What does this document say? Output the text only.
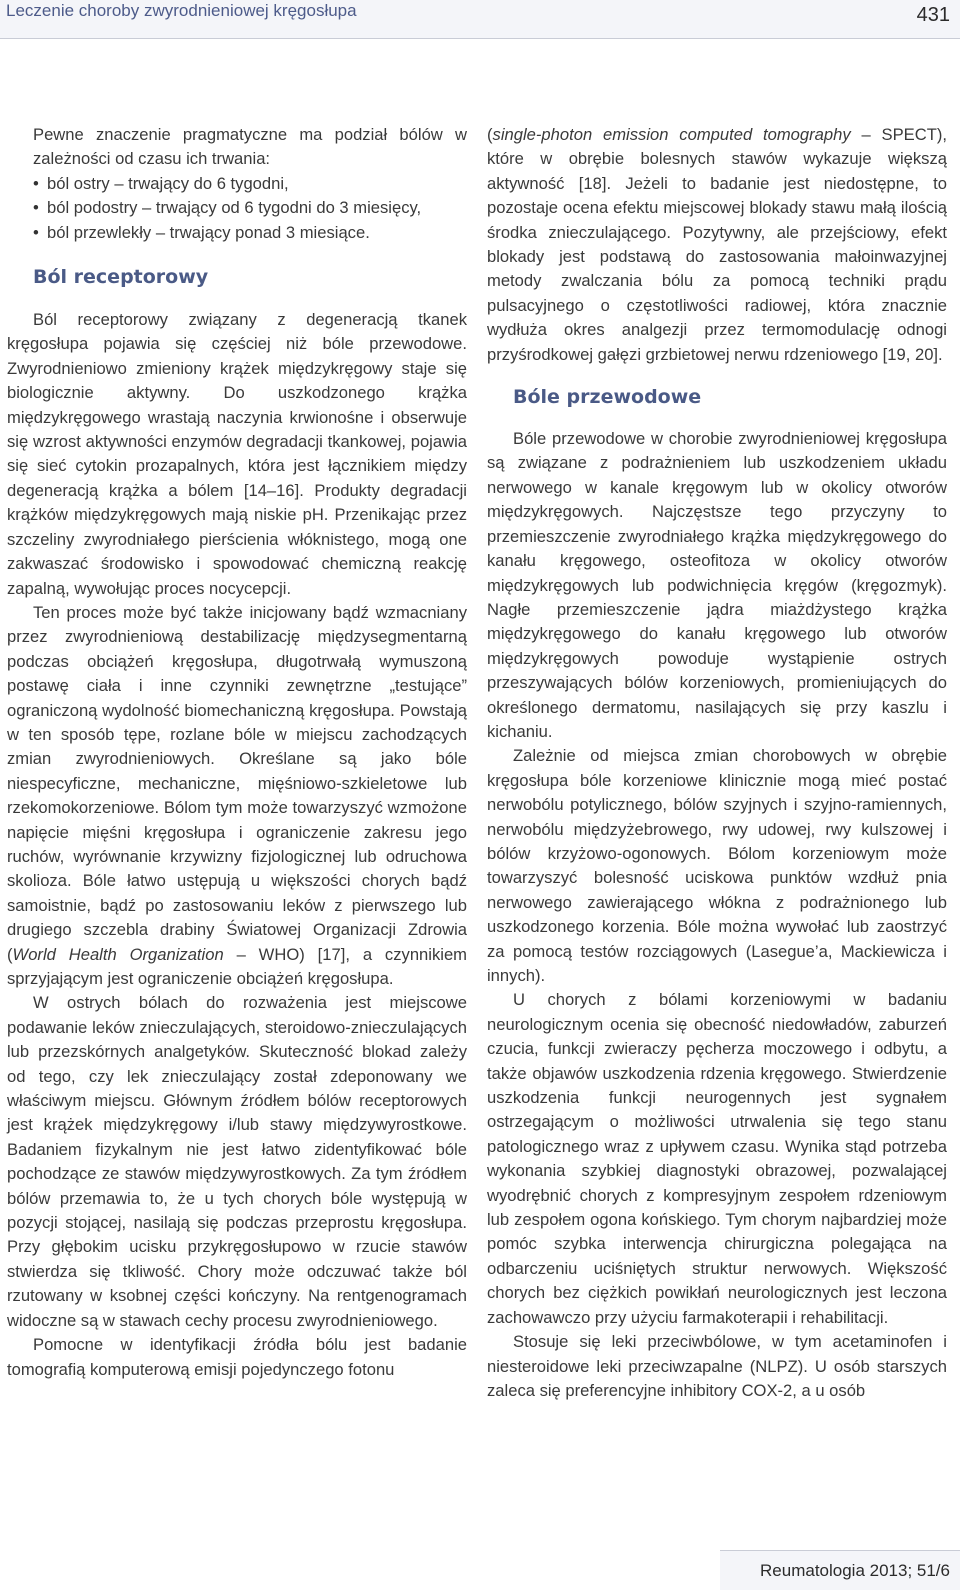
Leczenie choroby zwyrodnieniowej kręgosłupa	431

Pewne znaczenie pragmatyczne ma podział bólów w zależności od czasu ich trwania:

• ból ostry – trwający do 6 tygodni,
• ból podostry – trwający od 6 tygodni do 3 miesięcy,
• ból przewlekły – trwający ponad 3 miesiące.
Ból receptorowy

Ból receptorowy związany z degeneracją tkanek kręgosłupa pojawia się częściej niż bóle przewodowe. Zwyrodnieniowo zmieniony krążek międzykręgowy staje się biologicznie aktywny. Do uszkodzonego krążka międzykręgowego wrastają naczynia krwionośne i obserwuje się wzrost aktywności enzymów degradacji tkankowej, pojawia się sieć cytokin prozapalnych, która jest łącznikiem między degeneracją krążka a bólem [14–16]. Produkty degradacji krążków międzykręgowych mają niskie pH. Przenikając przez szczeliny zwyrodniałego pierścienia włóknistego, mogą one zakwaszać środowisko i spowodować chemiczną reakcję zapalną, wywołując proces nocycepcji.

Ten proces może być także inicjowany bądź wzmacniany przez zwyrodnieniową destabilizację międzysegmentarną podczas obciążeń kręgosłupa, długotrwałą wymuszoną postawę ciała i inne czynniki zewnętrzne „testujące” ograniczoną wydolność biomechaniczną kręgosłupa. Powstają w ten sposób tępe, rozlane bóle w miejscu zachodzących zmian zwyrodnieniowych. Określane są jako bóle niespecyficzne, mechaniczne, mięśniowo-szkieletowe lub rzekomokorzeniowe. Bólom tym może towarzyszyć wzmożone napięcie mięśni kręgosłupa i ograniczenie zakresu jego ruchów, wyrównanie krzywizny fizjologicznej lub odruchowa skolioza. Bóle łatwo ustępują u większości chorych bądź samoistnie, bądź po zastosowaniu leków z pierwszego lub drugiego szczebla drabiny Światowej Organizacji Zdrowia (World Health Organization – WHO) [17], a czynnikiem sprzyjającym jest ograniczenie obciążeń kręgosłupa.

W ostrych bólach do rozważenia jest miejscowe podawanie leków znieczulających, steroidowo-znieczulających lub przezskórnych analgetyków. Skuteczność blokad zależy od tego, czy lek znieczulający został zdeponowany we właściwym miejscu. Głównym źródłem bólów receptorowych jest krążek międzykręgowy i/lub stawy międzywyrostkowe. Badaniem fizykalnym nie jest łatwo zidentyfikować bóle pochodzące ze stawów międzywyrostkowych. Za tym źródłem bólów przemawia to, że u tych chorych bóle występują w pozycji stojącej, nasilają się podczas przeprostu kręgosłupa. Przy głębokim ucisku przykręgosłupowo w rzucie stawów stwierdza się tkliwość. Chory może odczuwać także ból rzutowany w ksobnej części kończyny. Na rentgenogramach widoczne są w stawach cechy procesu zwyrodnieniowego.

Pomocne w identyfikacji źródła bólu jest badanie tomografią komputerową emisji pojedynczego fotonu

(single-photon emission computed tomography – SPECT), które w obrębie bolesnych stawów wykazuje większą aktywność [18]. Jeżeli to badanie jest niedostępne, to pozostaje ocena efektu miejscowej blokady stawu małą ilością środka znieczulającego. Pozytywny, ale przejściowy, efekt blokady jest podstawą do zastosowania małoinwazyjnej metody zwalczania bólu za pomocą techniki prądu pulsacyjnego o częstotliwości radiowej, która znacznie wydłuża okres analgezji przez termomodulację odnogi przyśrodkowej gałęzi grzbietowej nerwu rdzeniowego [19, 20].

Bóle przewodowe

Bóle przewodowe w chorobie zwyrodnieniowej kręgosłupa są związane z podrażnieniem lub uszkodzeniem układu nerwowego w kanale kręgowym lub w okolicy otworów międzykręgowych. Najczęstsze tego przyczyny to przemieszczenie zwyrodniałego krążka międzykręgowego do kanału kręgowego, osteofitoza w okolicy otworów międzykręgowych lub podwichnięcia kręgów (kręgozmyk). Nagłe przemieszczenie jądra miażdżystego krążka międzykręgowego do kanału kręgowego lub otworów międzykręgowych powoduje wystąpienie ostrych przeszywających bólów korzeniowych, promieniujących do określonego dermatomu, nasilających się przy kaszlu i kichaniu.

Zależnie od miejsca zmian chorobowych w obrębie kręgosłupa bóle korzeniowe klinicznie mogą mieć postać nerwobólu potylicznego, bólów szyjnych i szyjno-ramiennych, nerwobólu międzyżebrowego, rwy udowej, rwy kulszowej i bólów krzyżowo-ogonowych. Bólom korzeniowym może towarzyszyć bolesność uciskowa punktów wzdłuż pnia nerwowego zawierającego włókna z podrażnionego lub uszkodzonego korzenia. Bóle można wywołać lub zaostrzyć za pomocą testów rozciągowych (Lasegue’a, Mackiewicza i innych).

U chorych z bólami korzeniowymi w badaniu neurologicznym ocenia się obecność niedowładów, zaburzeń czucia, funkcji zwieraczy pęcherza moczowego i odbytu, a także objawów uszkodzenia rdzenia kręgowego. Stwierdzenie uszkodzenia funkcji neurogennych jest sygnałem ostrzegającym o możliwości utrwalenia się tego stanu patologicznego wraz z upływem czasu. Wynika stąd potrzeba wykonania szybkiej diagnostyki obrazowej, pozwalającej wyodrębnić chorych z kompresyjnym zespołem rdzeniowym lub zespołem ogona końskiego. Tym chorym najbardziej może pomóc szybka interwencja chirurgiczna polegająca na odbarczeniu uciśniętych struktur nerwowych. Większość chorych bez ciężkich powikłań neurologicznych jest leczona zachowawczo przy użyciu farmakoterapii i rehabilitacji.

Stosuje się leki przeciwbólowe, w tym acetaminofen i niesteroidowe leki przeciwzapalne (NLPZ). U osób starszych zaleca się preferencyjne inhibitory COX-2, a u osób

Reumatologia 2013; 51/6
